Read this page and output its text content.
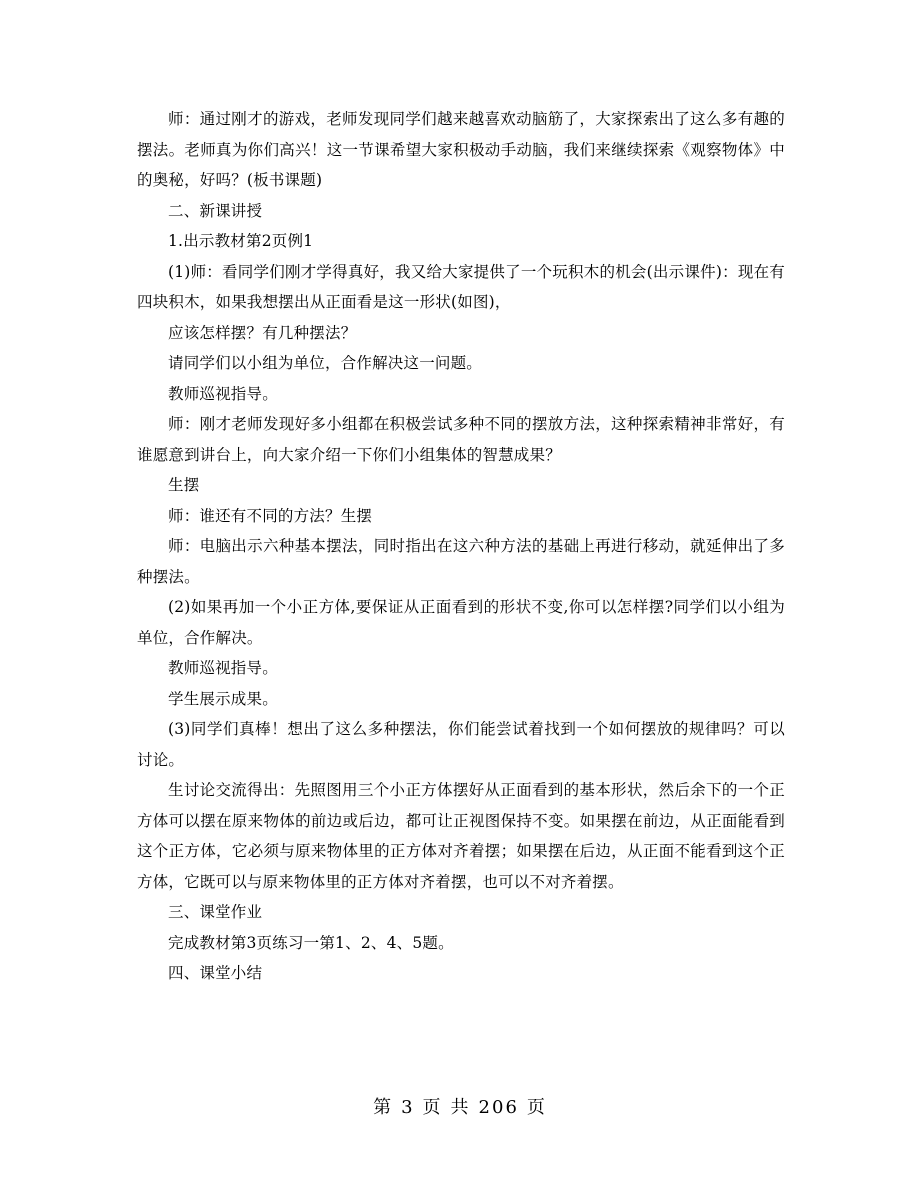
师：通过刚才的游戏，老师发现同学们越来越喜欢动脑筋了，大家探索出了这么多有趣的摆法。老师真为你们高兴！这一节课希望大家积极动手动脑，我们来继续探索《观察物体》中的奥秘，好吗？(板书课题)

二、新课讲授

1.出示教材第2页例1

(1)师：看同学们刚才学得真好，我又给大家提供了一个玩积木的机会(出示课件)：现在有四块积木，如果我想摆出从正面看是这一形状(如图)，

应该怎样摆？有几种摆法？

请同学们以小组为单位，合作解决这一问题。

教师巡视指导。

师：刚才老师发现好多小组都在积极尝试多种不同的摆放方法，这种探索精神非常好，有谁愿意到讲台上，向大家介绍一下你们小组集体的智慧成果？

生摆

师：谁还有不同的方法？生摆

师：电脑出示六种基本摆法，同时指出在这六种方法的基础上再进行移动，就延伸出了多种摆法。

(2)如果再加一个小正方体,要保证从正面看到的形状不变,你可以怎样摆?同学们以小组为单位，合作解决。

教师巡视指导。

学生展示成果。

(3)同学们真棒！想出了这么多种摆法，你们能尝试着找到一个如何摆放的规律吗？可以讨论。

生讨论交流得出：先照图用三个小正方体摆好从正面看到的基本形状，然后余下的一个正方体可以摆在原来物体的前边或后边，都可让正视图保持不变。如果摆在前边，从正面能看到这个正方体，它必须与原来物体里的正方体对齐着摆；如果摆在后边，从正面不能看到这个正方体，它既可以与原来物体里的正方体对齐着摆，也可以不对齐着摆。

三、课堂作业

完成教材第3页练习一第1、2、4、5题。

四、课堂小结

第 3 页 共 206 页
